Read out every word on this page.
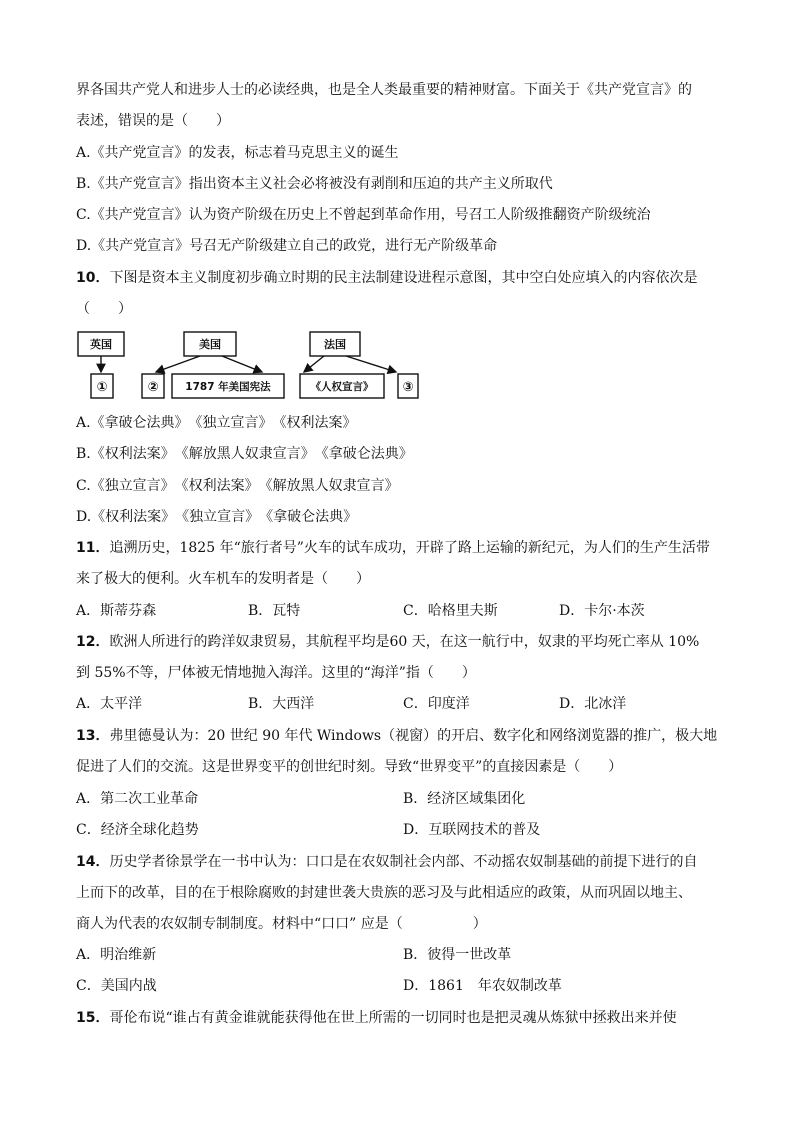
界各国共产党人和进步人士的必读经典，也是全人类最重要的精神财富。下面关于《共产党宣言》的
表述，错误的是（　　）
A.《共产党宣言》的发表，标志着马克思主义的诞生
B.《共产党宣言》指出资本主义社会必将被没有剥削和压迫的共产主义所取代
C.《共产党宣言》认为资产阶级在历史上不曾起到革命作用，号召工人阶级推翻资产阶级统治
D.《共产党宣言》号召无产阶级建立自己的政党，进行无产阶级革命
10．下图是资本主义制度初步确立时期的民主法制建设进程示意图，其中空白处应填入的内容依次是
（　　）
英国	美国	法国
①	②	1787 年美国宪法	《人权宣言》 ③
A.《拿破仑法典》　《独立宣言》　《权利法案》
B.《权利法案》　《解放黑人奴隶宣言》　《拿破仑法典》
C.《独立宣言》　《权利法案》　《解放黑人奴隶宣言》
D.《权利法案》　《独立宣言》　《拿破仑法典》
11．追溯历史，1825 年“旅行者号”火车的试车成功，开辟了路上运输的新纪元，为人们的生产生活带
来了极大的便利。火车机车的发明者是（　　）
A．斯蒂芬森	B．瓦特	C．哈格里夫斯	D．卡尔·本茨
12．欧洲人所进行的跨洋奴隶贸易，其航程平均是60 天，在这一航行中，奴隶的平均死亡率从 10%
到 55%不等，尸体被无情地抛入海洋。这里的“海洋”指（　　）
A．太平洋	B．大西洋	C．印度洋	D．北冰洋
13．弗里德曼认为：20 世纪 90 年代 Windows（视窗）的开启、数字化和网络浏览器的推广，极大地
促进了人们的交流。这是世界变平的创世纪时刻。导致“世界变平”的直接因素是（　　）
A．第二次工业革命	B．经济区域集团化
C．经济全球化趋势	D．互联网技术的普及
14．历史学者徐景学在一书中认为：口口是在农奴制社会内部、不动摇农奴制基础的前提下进行的自
上而下的改革，目的在于根除腐败的封建世袭大贵族的恶习及与此相适应的政策，从而巩固以地主、
商人为代表的农奴制专制制度。材料中“口口” 应是（　　　　　）
A．明治维新	B．彼得一世改革
C．美国内战	D．1861　年农奴制改革
15．哥伦布说“谁占有黄金谁就能获得他在世上所需的一切同时也是把灵魂从炼狱中拯救出来并使
